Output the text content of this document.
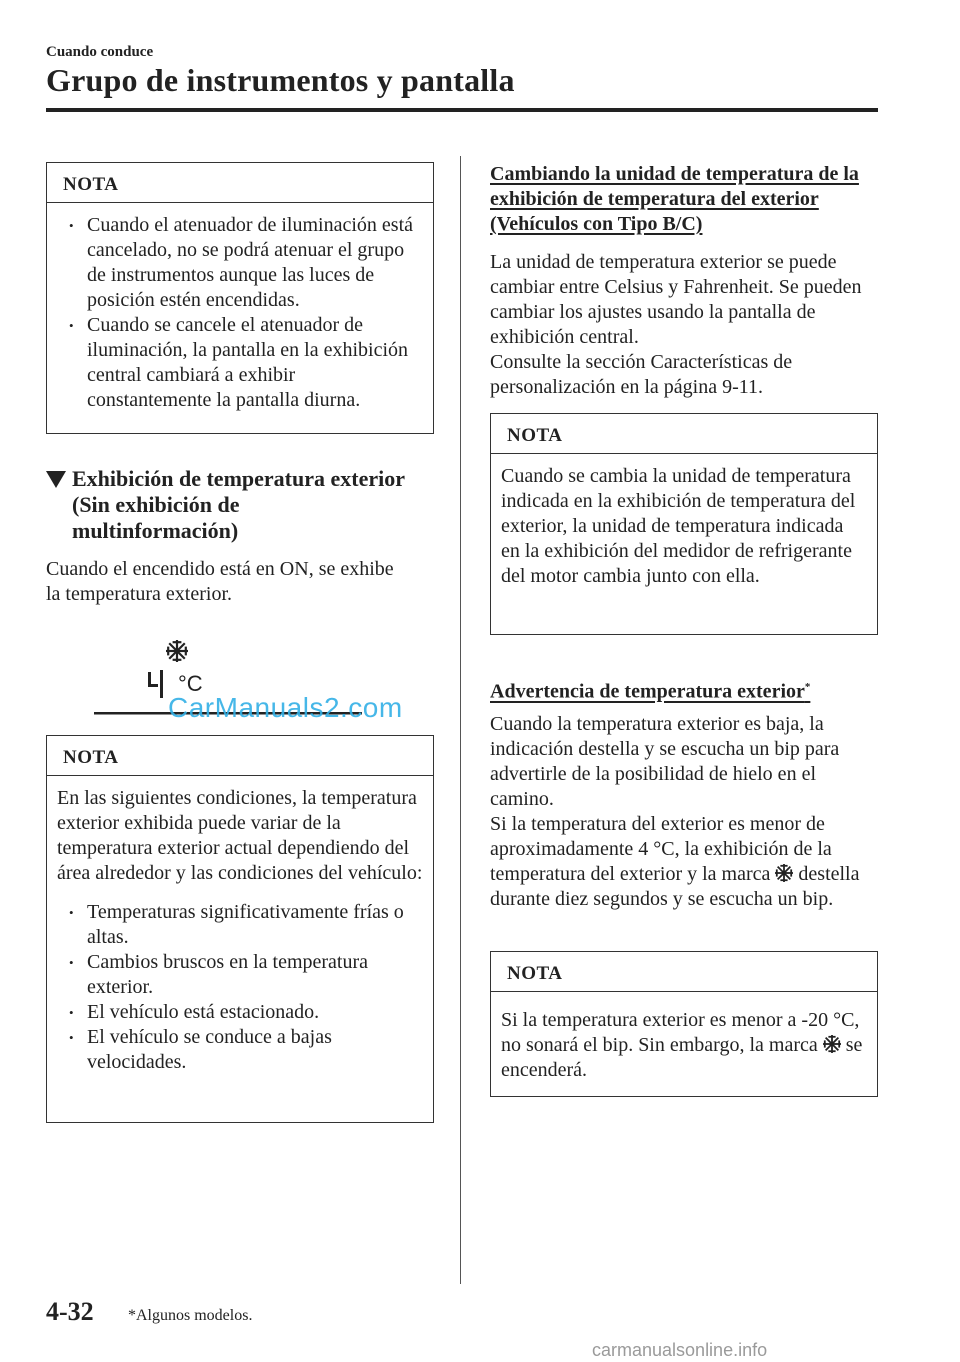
Cuando conduce
Grupo de instrumentos y pantalla
NOTA
• Cuando el atenuador de iluminación está cancelado, no se podrá atenuar el grupo de instrumentos aunque las luces de posición estén encendidas.
• Cuando se cancele el atenuador de iluminación, la pantalla en la exhibición central cambiará a exhibir constantemente la pantalla diurna.
Exhibición de temperatura exterior (Sin exhibición de multinformación)

Cuando el encendido está en ON, se exhibe la temperatura exterior.

°C
CarManuals2.com
NOTA

En las siguientes condiciones, la temperatura exterior exhibida puede variar de la temperatura exterior actual dependiendo del área alrededor y las condiciones del vehículo:

• Temperaturas significativamente frías o altas.
• Cambios bruscos en la temperatura exterior.
• El vehículo está estacionado.
• El vehículo se conduce a bajas velocidades.
Cambiando la unidad de temperatura de la exhibición de temperatura del exterior (Vehículos con Tipo B/C)

La unidad de temperatura exterior se puede cambiar entre Celsius y Fahrenheit. Se pueden cambiar los ajustes usando la pantalla de exhibición central.

Consulte la sección Características de personalización en la página 9-11.

NOTA

Cuando se cambia la unidad de temperatura indicada en la exhibición de temperatura del exterior, la unidad de temperatura indicada en la exhibición del medidor de refrigerante del motor cambia junto con ella.

Advertencia de temperatura exterior*

Cuando la temperatura exterior es baja, la indicación destella y se escucha un bip para advertirle de la posibilidad de hielo en el camino.

Si la temperatura del exterior es menor de aproximadamente 4 °C, la exhibición de la temperatura del exterior y la marca destella durante diez segundos y se escucha un bip.

NOTA

Si la temperatura exterior es menor a -20 °C, no sonará el bip. Sin embargo, la marca se encenderá.

4-32 *Algunos modelos.
carmanualsonline.info
